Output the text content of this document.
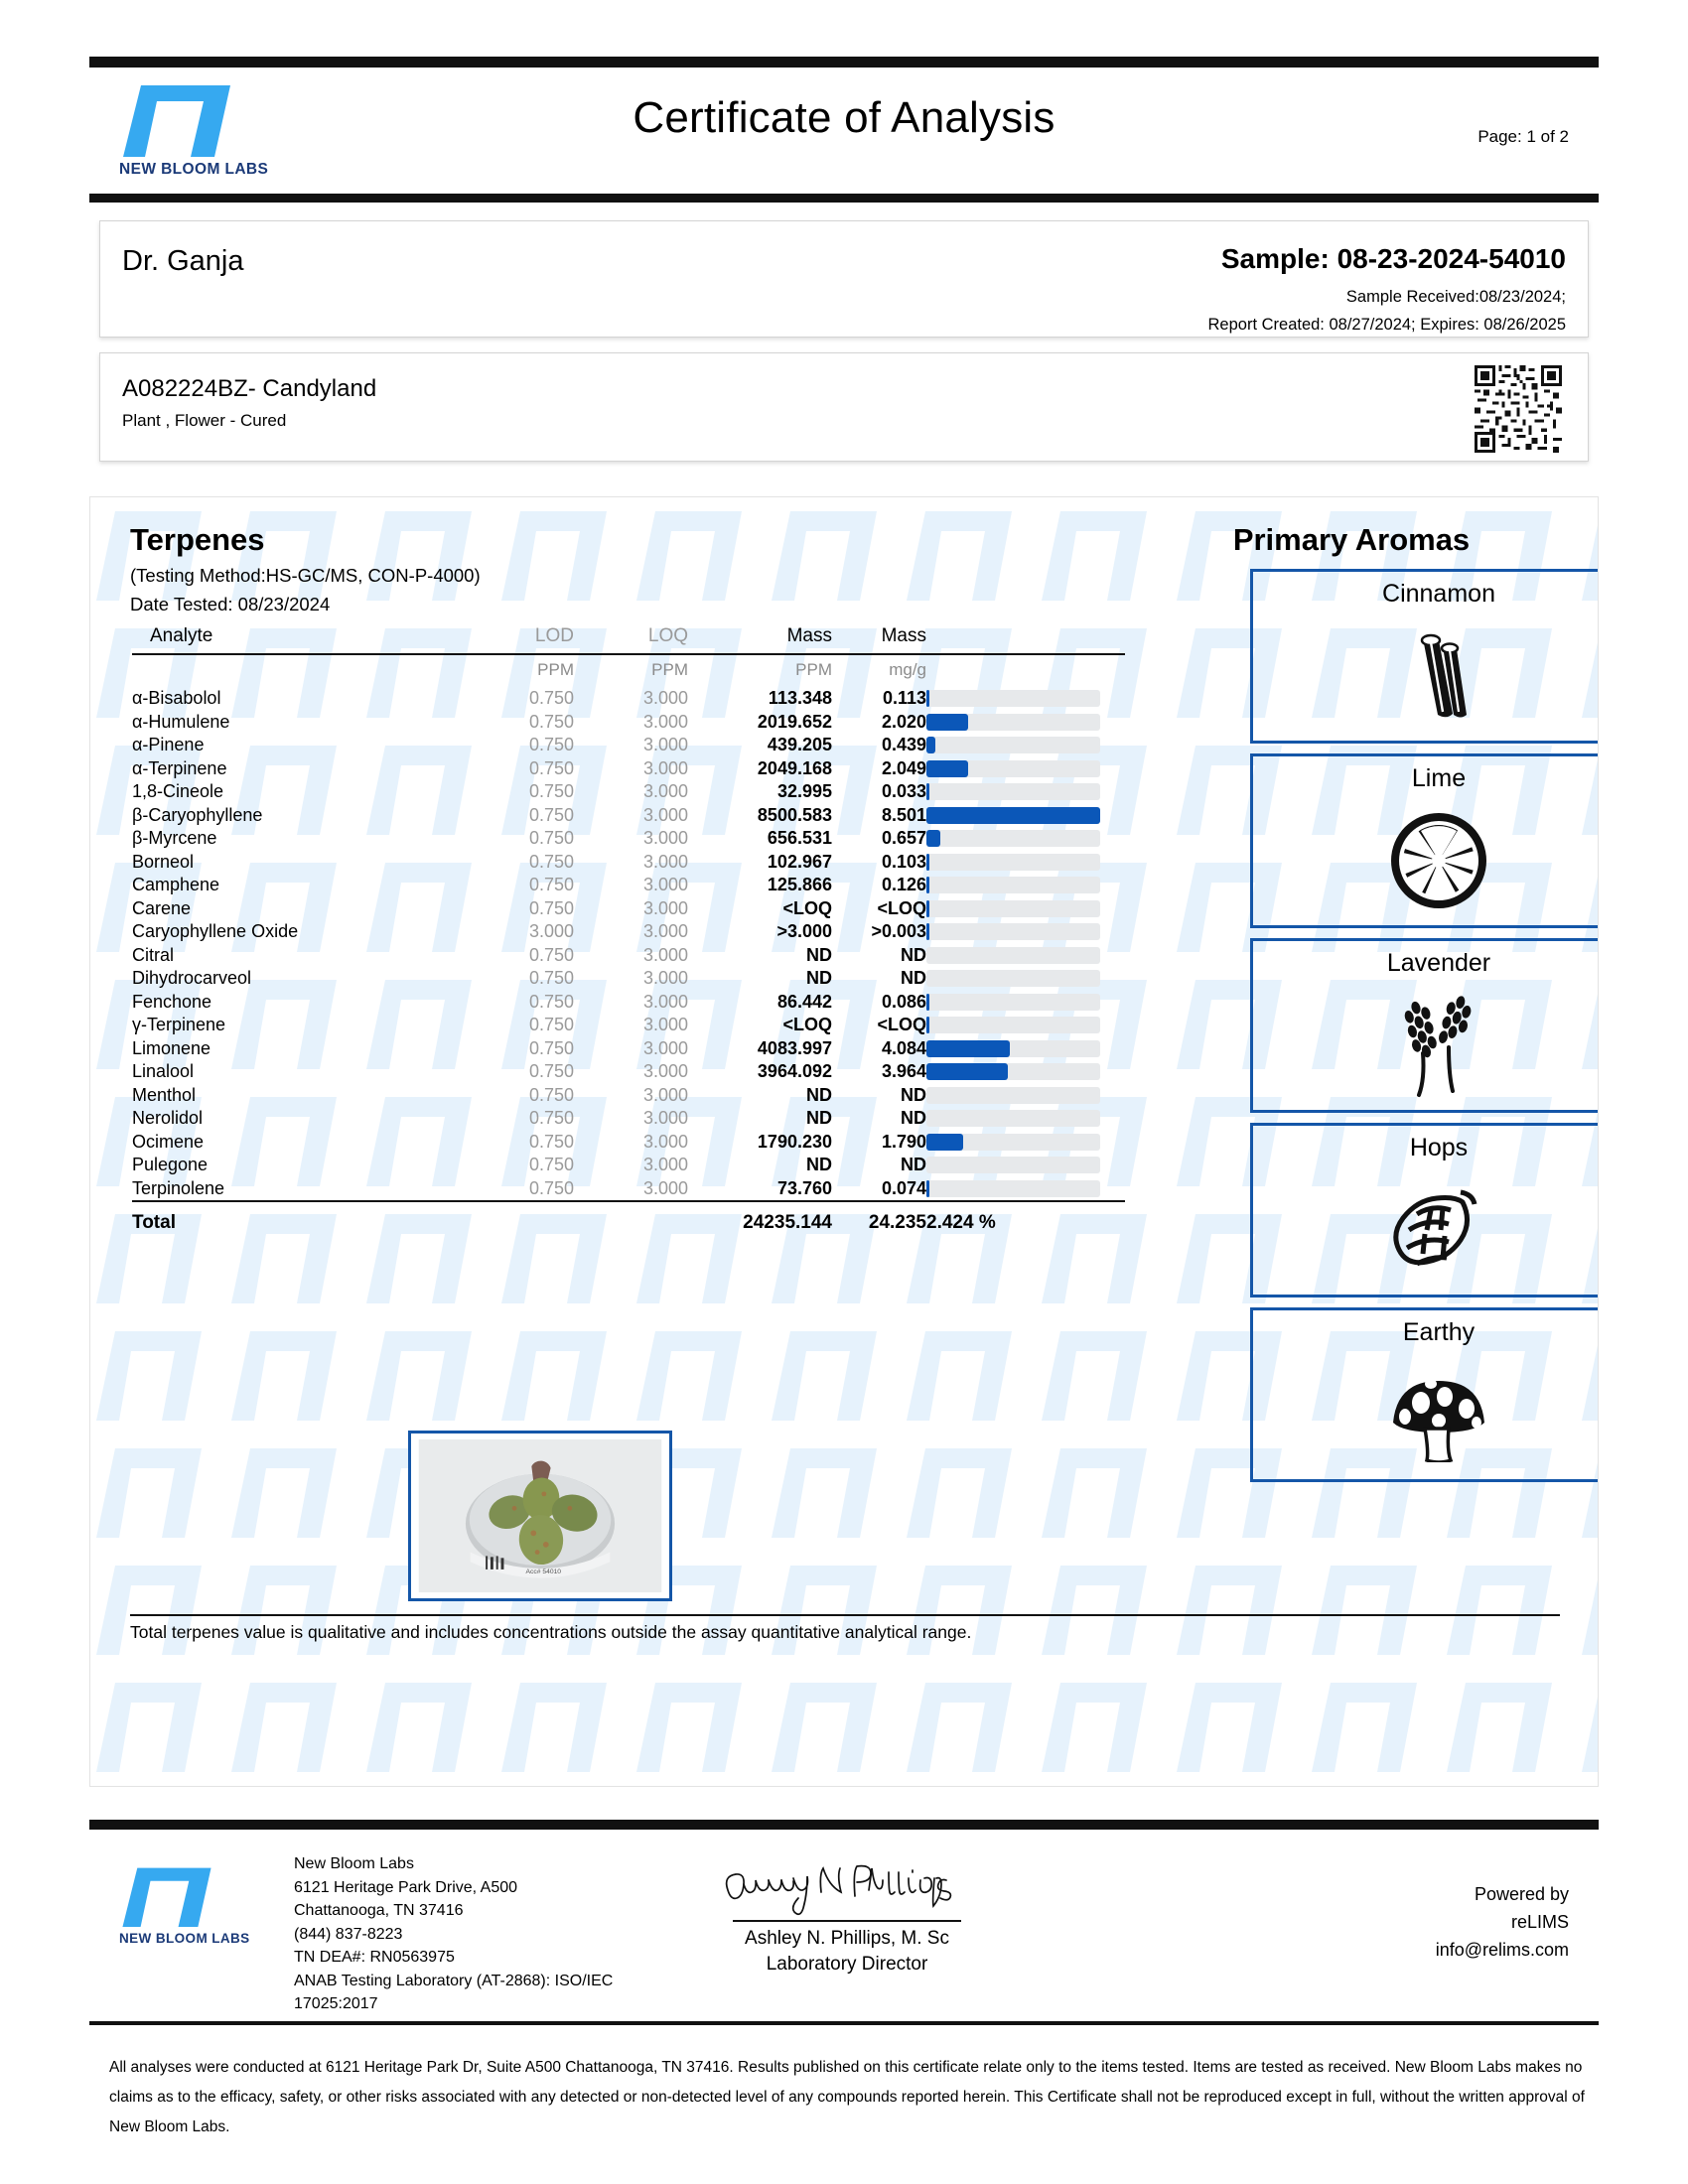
NEW BLOOM LABS
Certificate of Analysis	Page: 1 of 2
Dr. Ganja	Sample: 08-23-2024-54010
Sample Received:08/23/2024;
Report Created: 08/27/2024; Expires: 08/26/2025
A082224BZ- Candyland
Plant , Flower - Cured
Terpenes
(Testing Method:HS-GC/MS, CON-P-4000)
Date Tested: 08/23/2024
Analyte	LOD	LOQ	Mass	Mass	
	PPM	PPM	PPM	mg/g	
α-Bisabolol	0.750	3.000	113.348	0.113	

α-Humulene	0.750	3.000	2019.652	2.020	

α-Pinene	0.750	3.000	439.205	0.439	

α-Terpinene	0.750	3.000	2049.168	2.049	

1,8-Cineole	0.750	3.000	32.995	0.033	

β-Caryophyllene	0.750	3.000	8500.583	8.501	

β-Myrcene	0.750	3.000	656.531	0.657	

Borneol	0.750	3.000	102.967	0.103	

Camphene	0.750	3.000	125.866	0.126	

Carene	0.750	3.000	<LOQ	<LOQ	

Caryophyllene Oxide	3.000	3.000	>3.000	>0.003	

Citral	0.750	3.000	ND	ND	

Dihydrocarveol	0.750	3.000	ND	ND	

Fenchone	0.750	3.000	86.442	0.086	

γ-Terpinene	0.750	3.000	<LOQ	<LOQ	

Limonene	0.750	3.000	4083.997	4.084	

Linalool	0.750	3.000	3964.092	3.964	

Menthol	0.750	3.000	ND	ND	

Nerolidol	0.750	3.000	ND	ND	

Ocimene	0.750	3.000	1790.230	1.790	

Pulegone	0.750	3.000	ND	ND	

Terpinolene	0.750	3.000	73.760	0.074	

Total			24235.144	24.235	2.424 %
Acc# 54010
Total terpenes value is qualitative and includes concentrations outside the assay quantitative analytical range.
Primary Aromas
Cinnamon
Lime
Lavender
Hops
Earthy
NEW BLOOM LABS
New Bloom Labs
6121 Heritage Park Drive, A500
Chattanooga, TN 37416
(844) 837-8223
TN DEA#: RN0563975
ANAB Testing Laboratory (AT-2868): ISO/IEC
17025:2017
Ashley N. Phillips, M. Sc
Laboratory Director
Powered by
reLIMS
info@relims.com
All analyses were conducted at 6121 Heritage Park Dr, Suite A500 Chattanooga, TN 37416. Results published on this certificate relate only to the items tested. Items are tested as received. New Bloom Labs makes no claims as to the efficacy, safety, or other risks associated with any detected or non-detected level of any compounds reported herein. This Certificate shall not be reproduced except in full, without the written approval of New Bloom Labs.
